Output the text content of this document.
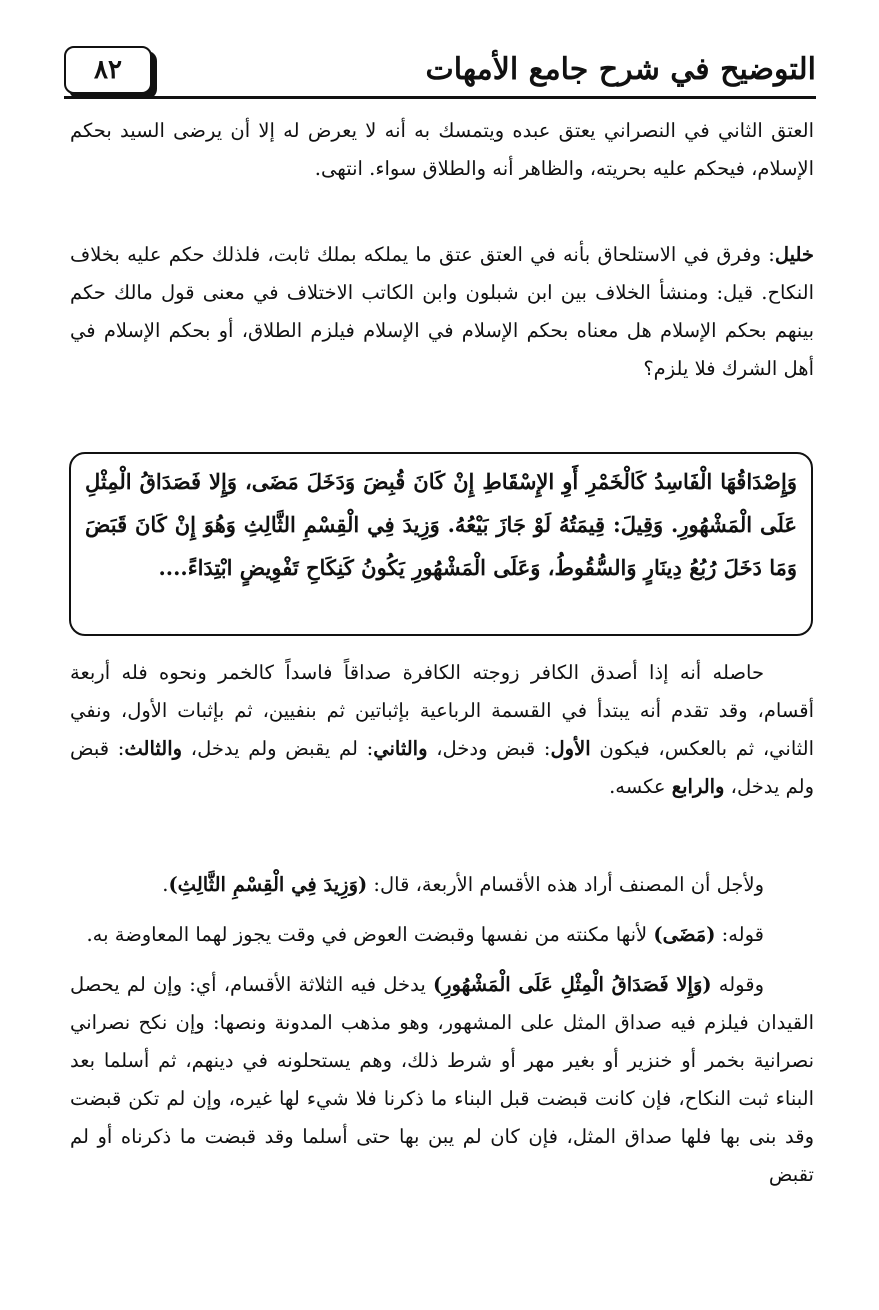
التوضيح في شرح جامع الأمهات
٨٢

العتق الثاني في النصراني يعتق عبده ويتمسك به أنه لا يعرض له إلا أن يرضى السيد بحكم الإسلام، فيحكم عليه بحريته، والظاهر أنه والطلاق سواء. انتهى.

خليل: وفرق في الاستلحاق بأنه في العتق عتق ما يملكه بملك ثابت، فلذلك حكم عليه بخلاف النكاح. قيل: ومنشأ الخلاف بين ابن شبلون وابن الكاتب الاختلاف في معنى قول مالك حكم بينهم بحكم الإسلام هل معناه بحكم الإسلام في الإسلام فيلزم الطلاق، أو بحكم الإسلام في أهل الشرك فلا يلزم؟

وَإِصْدَاقُهَا الْفَاسِدُ كَالْخَمْرِ أَوِ الإِسْقَاطِ إِنْ كَانَ قُبِضَ وَدَخَلَ مَضَى، وَإِلا فَصَدَاقُ الْمِثْلِ عَلَى الْمَشْهُورِ. وَقِيلَ: قِيمَتُهُ لَوْ جَازَ بَيْعُهُ. وَزِيدَ فِي الْقِسْمِ الثَّالِثِ وَهُوَ إِنْ كَانَ قَبَضَ وَمَا دَخَلَ رُبُعُ دِينَارٍ وَالسُّقُوطُ، وَعَلَى الْمَشْهُورِ يَكُونُ كَنِكَاحِ تَفْوِيضٍ ابْتِدَاءً....

حاصله أنه إذا أصدق الكافر زوجته الكافرة صداقاً فاسداً كالخمر ونحوه فله أربعة أقسام، وقد تقدم أنه يبتدأ في القسمة الرباعية بإثباتين ثم بنفيين، ثم بإثبات الأول، ونفي الثاني، ثم بالعكس، فيكون الأول: قبض ودخل، والثاني: لم يقبض ولم يدخل، والثالث: قبض ولم يدخل، والرابع عكسه.

ولأجل أن المصنف أراد هذه الأقسام الأربعة، قال: (وَزِيدَ فِي الْقِسْمِ الثَّالِثِ).
قوله: (مَضَى) لأنها مكنته من نفسها وقبضت العوض في وقت يجوز لهما المعاوضة به.
وقوله (وَإِلا فَصَدَاقُ الْمِثْلِ عَلَى الْمَشْهُورِ) يدخل فيه الثلاثة الأقسام، أي: وإن لم يحصل القيدان فيلزم فيه صداق المثل على المشهور، وهو مذهب المدونة ونصها: وإن نكح نصراني نصرانية بخمر أو خنزير أو بغير مهر أو شرط ذلك، وهم يستحلونه في دينهم، ثم أسلما بعد البناء ثبت النكاح، فإن كانت قبضت قبل البناء ما ذكرنا فلا شيء لها غيره، وإن لم تكن قبضت وقد بنى بها فلها صداق المثل، فإن كان لم يبن بها حتى أسلما وقد قبضت ما ذكرناه أو لم تقبض
